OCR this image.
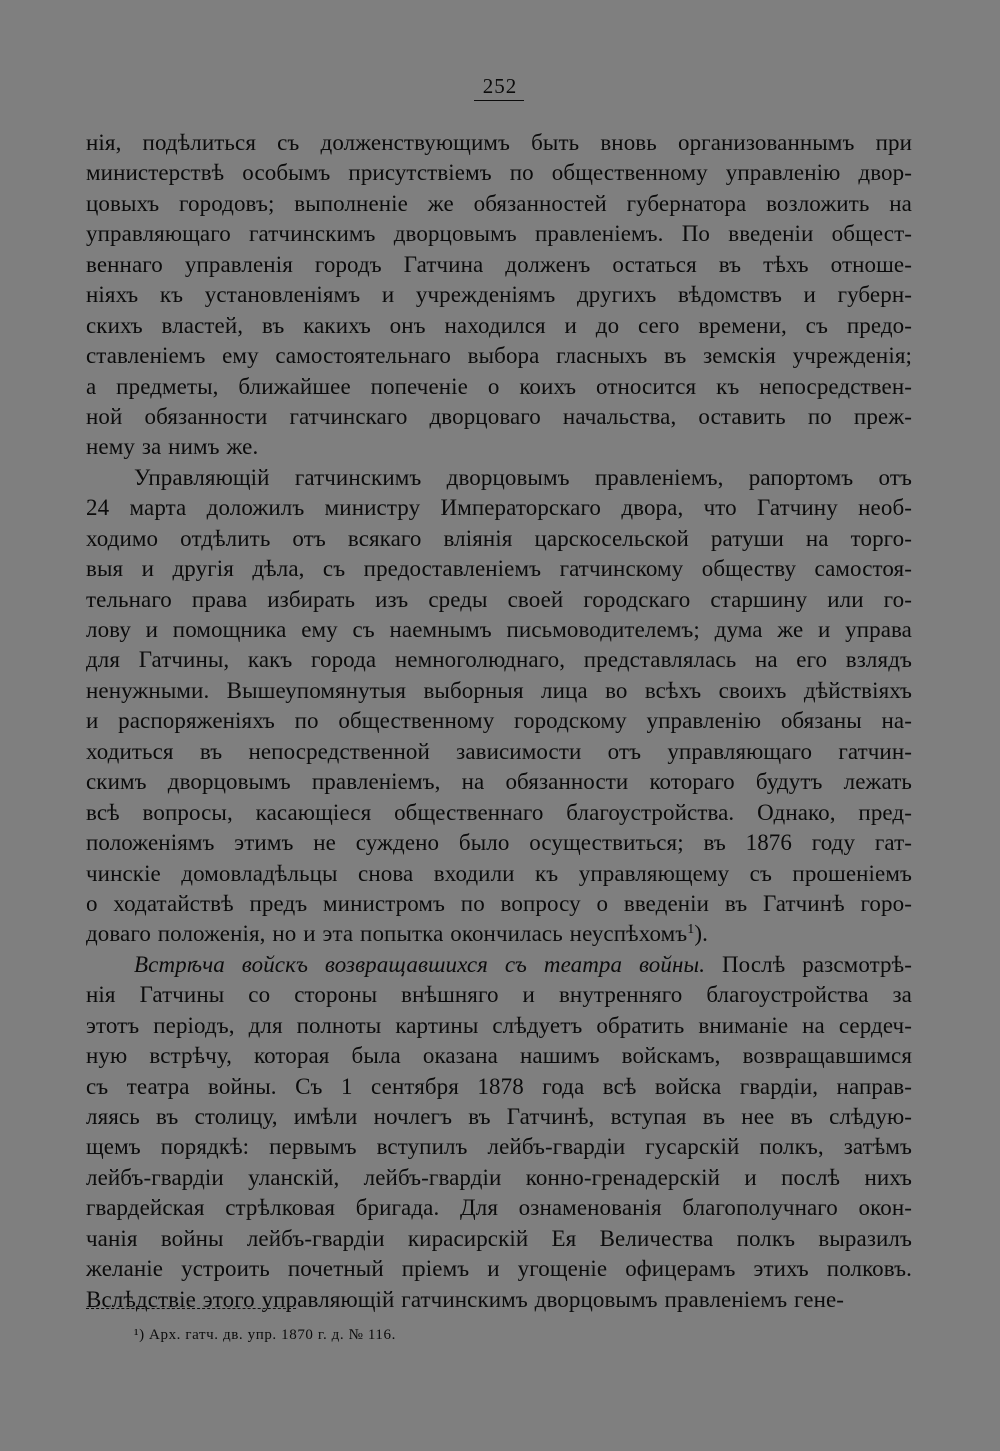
252
нія, подѣлиться съ долженствующимъ быть вновь организованнымъ при
министерствѣ особымъ присутствіемъ по общественному управленію двор-
цовыхъ городовъ; выполненіе же обязанностей губернатора возложить на
управляющаго гатчинскимъ дворцовымъ правленіемъ. По введеніи общест-
веннаго управленія городъ Гатчина долженъ остаться въ тѣхъ отноше-
ніяхъ къ установленіямъ и учрежденіямъ другихъ вѣдомствъ и губерн-
скихъ властей, въ какихъ онъ находился и до сего времени, съ предо-
ставленіемъ ему самостоятельнаго выбора гласныхъ въ земскія учрежденія;
а предметы, ближайшее попеченіе о коихъ относится къ непосредствен-
ной обязанности гатчинскаго дворцоваго начальства, оставить по преж-
нему за нимъ же.
Управляющій гатчинскимъ дворцовымъ правленіемъ, рапортомъ отъ
24 марта доложилъ министру Императорскаго двора, что Гатчину необ-
ходимо отдѣлить отъ всякаго вліянія царскосельской ратуши на торго-
выя и другія дѣла, съ предоставленіемъ гатчинскому обществу самостоя-
тельнаго права избирать изъ среды своей городскаго старшину или го-
лову и помощника ему съ наемнымъ письмоводителемъ; дума же и управа
для Гатчины, какъ города немноголюднаго, представлялась на его взлядъ
ненужными. Вышеупомянутыя выборныя лица во всѣхъ своихъ дѣйствіяхъ
и распоряженіяхъ по общественному городскому управленію обязаны на-
ходиться въ непосредственной зависимости отъ управляющаго гатчин-
скимъ дворцовымъ правленіемъ, на обязанности котораго будутъ лежать
всѣ вопросы, касающіеся общественнаго благоустройства. Однако, пред-
положеніямъ этимъ не суждено было осуществиться; въ 1876 году гат-
чинскіе домовладѣльцы снова входили къ управляющему съ прошеніемъ
о ходатайствѣ предъ министромъ по вопросу о введеніи въ Гатчинѣ горо-
доваго положенія, но и эта попытка окончилась неуспѣхомъ$^1$).
Встрѣча войскъ возвращавшихся съ театра войны. Послѣ разсмотрѣ-
нія Гатчины со стороны внѣшняго и внутренняго благоустройства за
этотъ періодъ, для полноты картины слѣдуетъ обратить вниманіе на сердеч-
ную встрѣчу, которая была оказана нашимъ войскамъ, возвращавшимся
съ театра войны. Съ 1 сентября 1878 года всѣ войска гвардіи, направ-
ляясь въ столицу, имѣли ночлегъ въ Гатчинѣ, вступая въ нее въ слѣдую-
щемъ порядкѣ: первымъ вступилъ лейбъ-гвардіи гусарскій полкъ, затѣмъ
лейбъ-гвардіи уланскій, лейбъ-гвардіи конно-гренадерскій и послѣ нихъ
гвардейская стрѣлковая бригада. Для ознаменованія благополучнаго окон-
чанія войны лейбъ-гвардіи кирасирскій Ея Величества полкъ выразилъ
желаніе устроить почетный пріемъ и угощеніе офицерамъ этихъ полковъ.
Вслѣдствіе этого управляющій гатчинскимъ дворцовымъ правленіемъ гене-
¹) Арх. гатч. дв. упр. 1870 г. д. № 116.
